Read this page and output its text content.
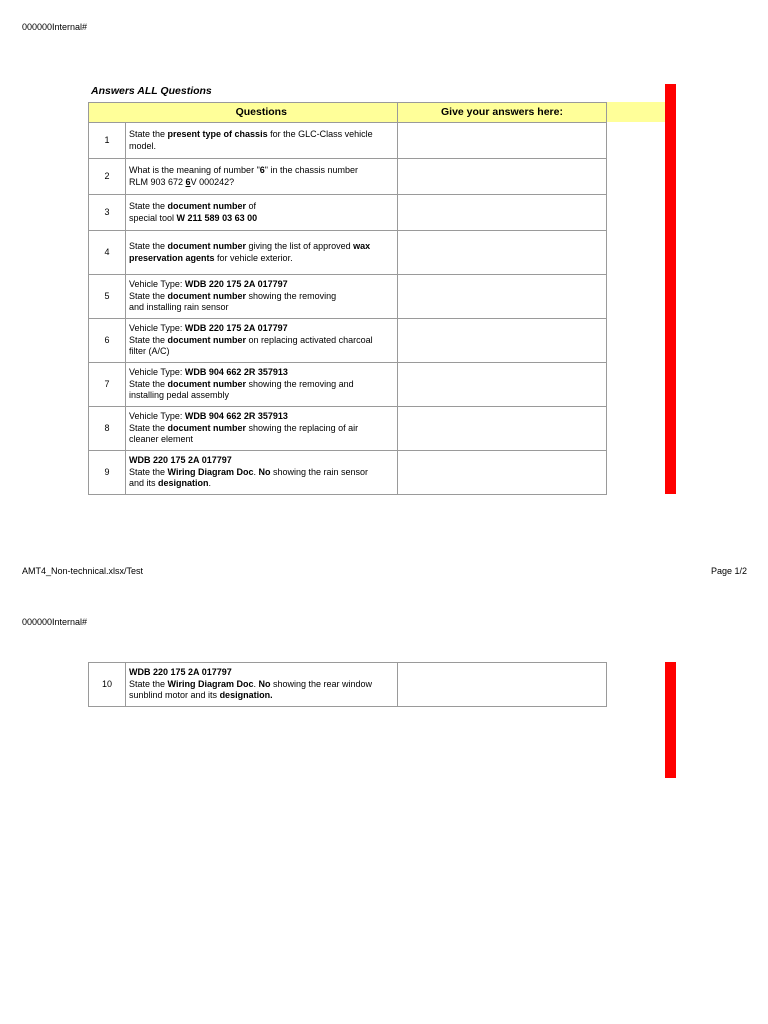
000000Internal#
Answers ALL Questions
	Questions	Give your answers here:
1	State the present type of chassis for the GLC-Class vehicle
model.	

2	What is the meaning of number "6" in the chassis number
RLM 903 672 6V 000242?	

3	State the document number of
special tool W 211 589 03 63 00	

4	State the document number giving the list of approved wax
preservation agents for vehicle exterior.	

5	Vehicle Type: WDB 220 175 2A 017797
State the document number showing the removing
and installing rain sensor	

6	Vehicle Type: WDB 220 175 2A 017797
State the document number on replacing activated charcoal
filter (A/C)	

7	Vehicle Type: WDB 904 662 2R 357913
State the document number showing the removing and
installing pedal assembly	

8	Vehicle Type: WDB 904 662 2R 357913
State the document number showing the replacing of air
cleaner element	

9	WDB 220 175 2A 017797
State the Wiring Diagram Doc. No showing the rain sensor
and its designation.	

AMT4_Non-technical.xlsx/Test	Page 1/2
000000Internal#
10	
WDB 220 175 2A 017797
State the Wiring Diagram Doc. No showing the rear window
sunblind motor and its designation.
